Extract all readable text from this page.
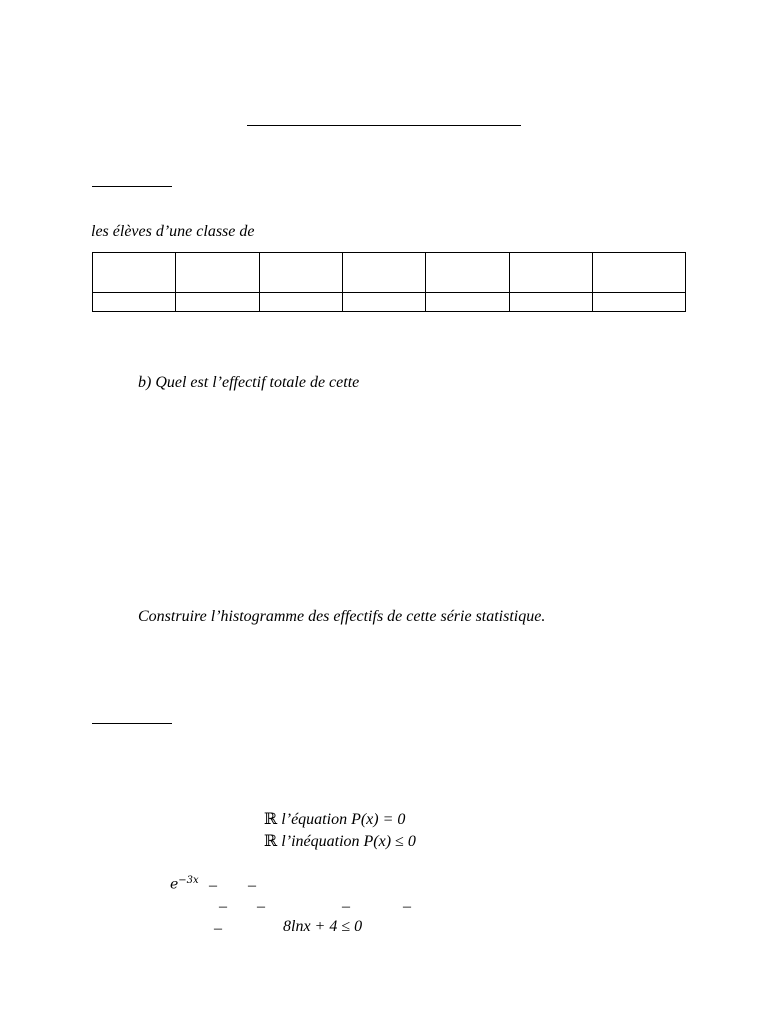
les élèves d’une classe de

b) Quel est l’effectif totale de cette
Construire l’histogramme des effectifs de cette série statistique.
ℝ l’équation P(x) = 0
ℝ l’inéquation P(x) ≤ 0
$e^{-3x}$ – –
– –	–	–
–	8lnx + 4 ≤ 0
